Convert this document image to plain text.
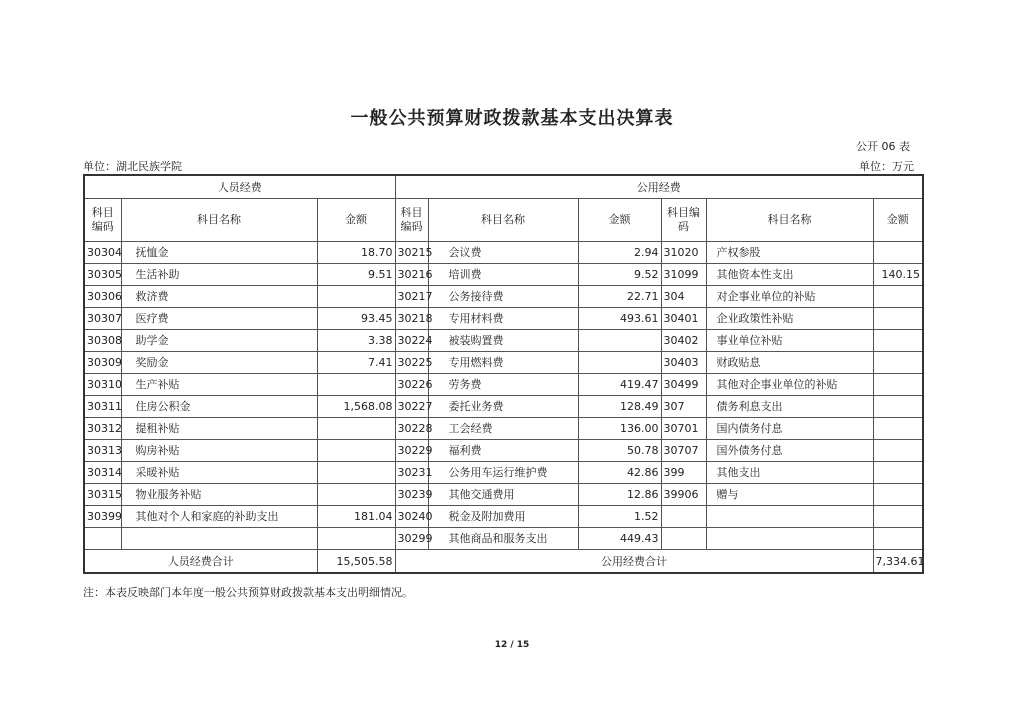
一般公共预算财政拨款基本支出决算表
公开 06 表
单位：湖北民族学院	单位：万元
人员经费			公用经费					
科目编码	科目名称	金额	科目编码	科目名称	金额	科目编码	科目名称	金额
30304	抚恤金	18.70	30215	会议费	2.94	31020	产权参股	
30305	生活补助	9.51	30216	培训费	9.52	31099	其他资本性支出	140.15
30306	救济费		30217	公务接待费	22.71	304	对企事业单位的补贴	
30307	医疗费	93.45	30218	专用材料费	493.61	30401	企业政策性补贴	
30308	助学金	3.38	30224	被装购置费		30402	事业单位补贴	
30309	奖励金	7.41	30225	专用燃料费		30403	财政贴息	
30310	生产补贴		30226	劳务费	419.47	30499	其他对企事业单位的补贴	
30311	住房公积金	1,568.08	30227	委托业务费	128.49	307	债务利息支出	
30312	提租补贴		30228	工会经费	136.00	30701	国内债务付息	
30313	购房补贴		30229	福利费	50.78	30707	国外债务付息	
30314	采暖补贴		30231	公务用车运行维护费	42.86	399	其他支出	
30315	物业服务补贴		30239	其他交通费用	12.86	39906	赠与	
30399	其他对个人和家庭的补助支出	181.04	30240	税金及附加费用	1.52			
			30299	其他商品和服务支出	449.43			
人员经费合计		15,505.58	公用经费合计					7,334.61
注：本表反映部门本年度一般公共预算财政拨款基本支出明细情况。
12 / 15
